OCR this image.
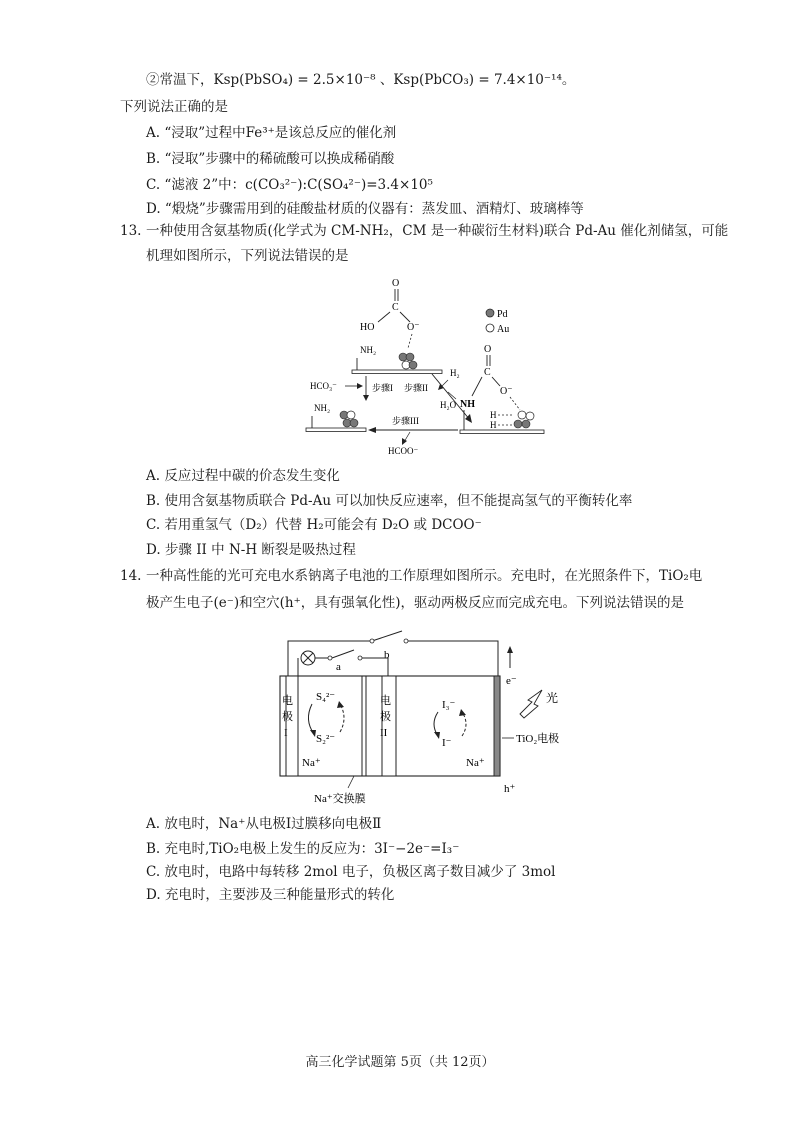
②常温下，Ksp(PbSO₄) = 2.5×10⁻⁸ 、Ksp(PbCO₃) = 7.4×10⁻¹⁴。
下列说法正确的是
A. “浸取”过程中Fe³⁺是该总反应的催化剂
B. “浸取”步骤中的稀硫酸可以换成稀硝酸
C. “滤液 2”中：c(CO₃²⁻):C(SO₄²⁻)=3.4×10⁵
D. “煅烧”步骤需用到的硅酸盐材质的仪器有：蒸发皿、酒精灯、玻璃棒等
13. 一种使用含氨基物质(化学式为 CM-NH₂，CM 是一种碳衍生材料)联合 Pd-Au 催化剂储氢，可能
机理如图所示，下列说法错误的是
O
C
HO	O⁻
Pd
Au
NH₂
HCO₃⁻	步骤I 步骤II
H₂
H₂O NH
O
C
O⁻
H
H
NH₂
步骤III
HCOO⁻
A. 反应过程中碳的价态发生变化
B. 使用含氨基物质联合 Pd-Au 可以加快反应速率，但不能提高氢气的平衡转化率
C. 若用重氢气（D₂）代替 H₂可能会有 D₂O 或 DCOO⁻
D. 步骤 II 中 N-H 断裂是吸热过程
14. 一种高性能的光可充电水系钠离子电池的工作原理如图所示。充电时，在光照条件下，TiO₂电
极产生电子(e⁻)和空穴(h⁺，具有强氧化性)，驱动两极反应而完成充电。下列说法错误的是
b
a
电
极
I
电
极
II
S₄²⁻
S₂²⁻
Na⁺
I₃⁻
I⁻
Na⁺
e⁻
光
TiO₂电极
h⁺
Na⁺交换膜
A. 放电时，Na⁺从电极Ⅰ过膜移向电极Ⅱ
B. 充电时,TiO₂电极上发生的反应为：3I⁻−2e⁻=I₃⁻
C. 放电时，电路中每转移 2mol 电子，负极区离子数目减少了 3mol
D. 充电时，主要涉及三种能量形式的转化
高三化学试题第 5页（共 12页）
